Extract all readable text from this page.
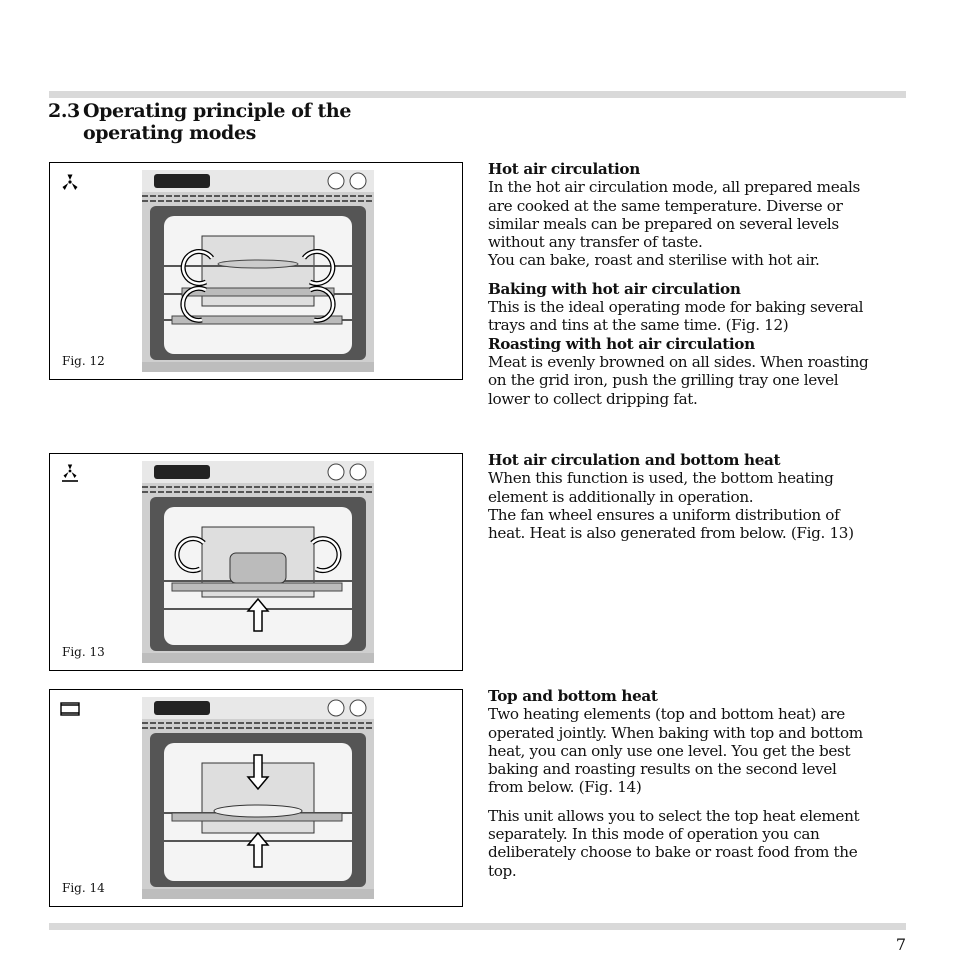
2.3 Operating principle of the
operating modes
Fig. 12
Fig. 13
Fig. 14
Hot air circulation
In the hot air circulation mode, all prepared meals
are cooked at the same temperature. Diverse or
similar meals can be prepared on several levels
without any transfer of taste.
You can bake, roast and sterilise with hot air.
Baking with hot air circulation
This is the ideal operating mode for baking several
trays and tins at the same time. (Fig. 12)
Roasting with hot air circulation
Meat is evenly browned on all sides. When roasting
on the grid iron, push the grilling tray one level
lower to collect dripping fat.
Hot air circulation and bottom heat
When this function is used, the bottom heating
element is additionally in operation.
The fan wheel ensures a uniform distribution of
heat. Heat is also generated from below. (Fig. 13)
Top and bottom heat
Two heating elements (top and bottom heat) are
operated jointly. When baking with top and bottom
heat, you can only use one level. You get the best
baking and roasting results on the second level
from below. (Fig. 14)
This unit allows you to select the top heat element
separately. In this mode of operation you can
deliberately choose to bake or roast food from the
top.
7
